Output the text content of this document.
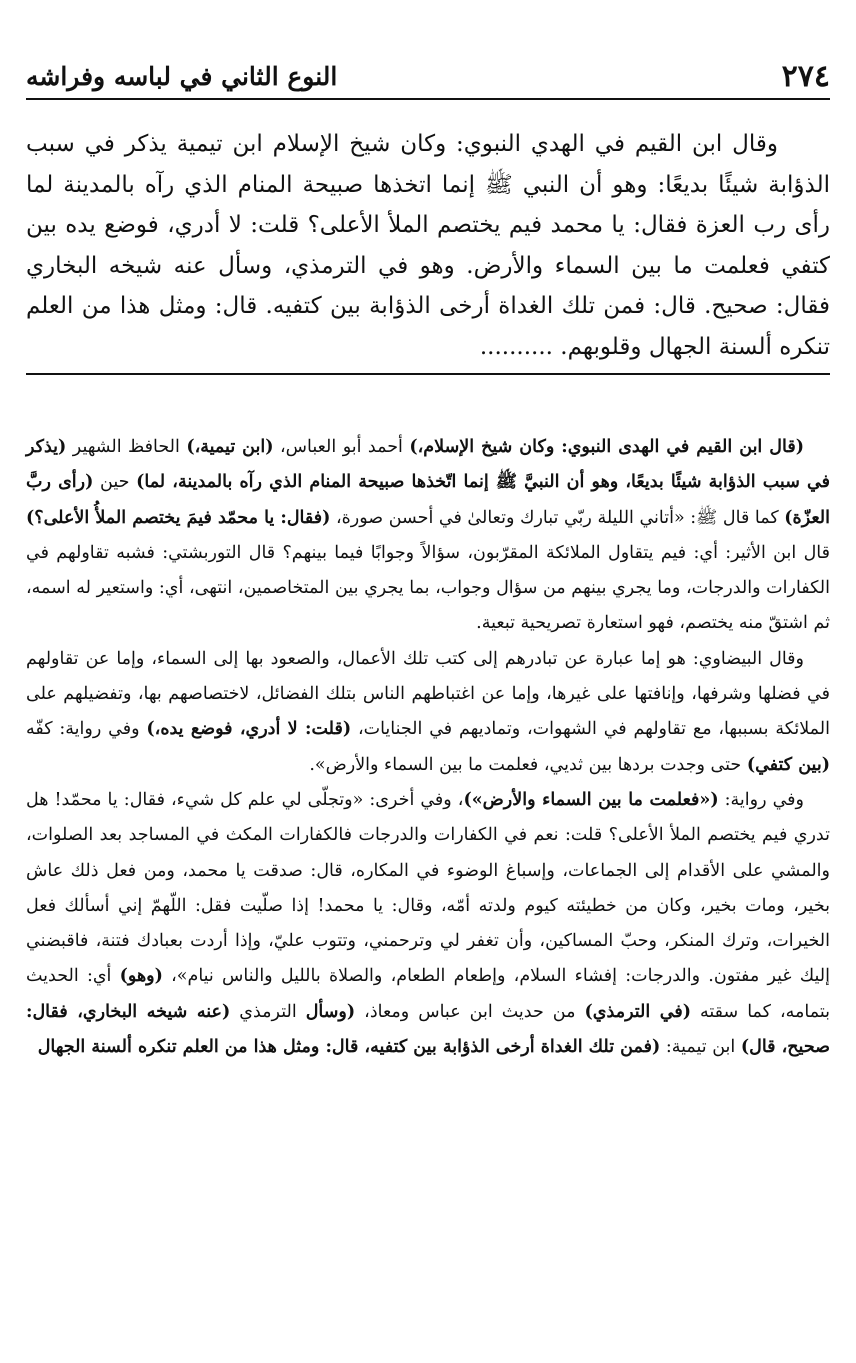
٢٧٤
النوع الثاني في لباسه وفراشه

وقال ابن القيم في الهدي النبوي: وكان شيخ الإسلام ابن تيمية يذكر في سبب الذؤابة شيئًا بديعًا: وهو أن النبي ﷺ إنما اتخذها صبيحة المنام الذي رآه بالمدينة لما رأى رب العزة فقال: يا محمد فيم يختصم الملأ الأعلى؟ قلت: لا أدري، فوضع يده بين كتفي فعلمت ما بين السماء والأرض. وهو في الترمذي، وسأل عنه شيخه البخاري فقال: صحيح. قال: فمن تلك الغداة أرخى الذؤابة بين كتفيه. قال: ومثل هذا من العلم تنكره ألسنة الجهال وقلوبهم. ..........

(قال ابن القيم في الهدى النبوي: وكان شيخ الإسلام،) أحمد أبو العباس، (ابن تيمية،) الحافظ الشهير (يذكر في سبب الذؤابة شيئًا بديعًا، وهو أن النبيَّ ﷺ إنما اتّخذها صبيحة المنام الذي رآه بالمدينة، لما) حين (رأى ربَّ العزّة) كما قال ﷺ: «أتاني الليلة ربّي تبارك وتعالىٰ في أحسن صورة، (فقال: يا محمّد فيمَ يختصم الملأُ الأعلى؟) قال ابن الأثير: أي: فيم يتقاول الملائكة المقرّبون، سؤالاً وجوابًا فيما بينهم؟ قال التوربشتي: فشبه تقاولهم في الكفارات والدرجات، وما يجري بينهم من سؤال وجواب، بما يجري بين المتخاصمين، انتهى، أي: واستعير له اسمه، ثم اشتقّ منه يختصم، فهو استعارة تصريحية تبعية.

وقال البيضاوي: هو إما عبارة عن تبادرهم إلى كتب تلك الأعمال، والصعود بها إلى السماء، وإما عن تقاولهم في فضلها وشرفها، وإنافتها على غيرها، وإما عن اغتباطهم الناس بتلك الفضائل، لاختصاصهم بها، وتفضيلهم على الملائكة بسببها، مع تقاولهم في الشهوات، وتماديهم في الجنايات، (قلت: لا أدري، فوضع يده،) وفي رواية: كفّه (بين كتفي) حتى وجدت بردها بين ثديي، فعلمت ما بين السماء والأرض».

وفي رواية: («فعلمت ما بين السماء والأرض»)، وفي أخرى: «وتجلّى لي علم كل شيء، فقال: يا محمّد! هل تدري فيم يختصم الملأ الأعلى؟ قلت: نعم في الكفارات والدرجات فالكفارات المكث في المساجد بعد الصلوات، والمشي على الأقدام إلى الجماعات، وإسباغ الوضوء في المكاره، قال: صدقت يا محمد، ومن فعل ذلك عاش بخير، ومات بخير، وكان من خطيئته كيوم ولدته أمّه، وقال: يا محمد! إذا صلّيت فقل: اللّهمّ إني أسألك فعل الخيرات، وترك المنكر، وحبّ المساكين، وأن تغفر لي وترحمني، وتتوب عليّ، وإذا أردت بعبادك فتنة، فاقبضني إليك غير مفتون. والدرجات: إفشاء السلام، وإطعام الطعام، والصلاة بالليل والناس نيام»، (وهو) أي: الحديث بتمامه، كما سقته (في الترمذي) من حديث ابن عباس ومعاذ، (وسأل الترمذي (عنه شيخه البخاري، فقال: صحيح، قال) ابن تيمية: (فمن تلك الغداة أرخى الذؤابة بين كتفيه، قال: ومثل هذا من العلم تنكره ألسنة الجهال
